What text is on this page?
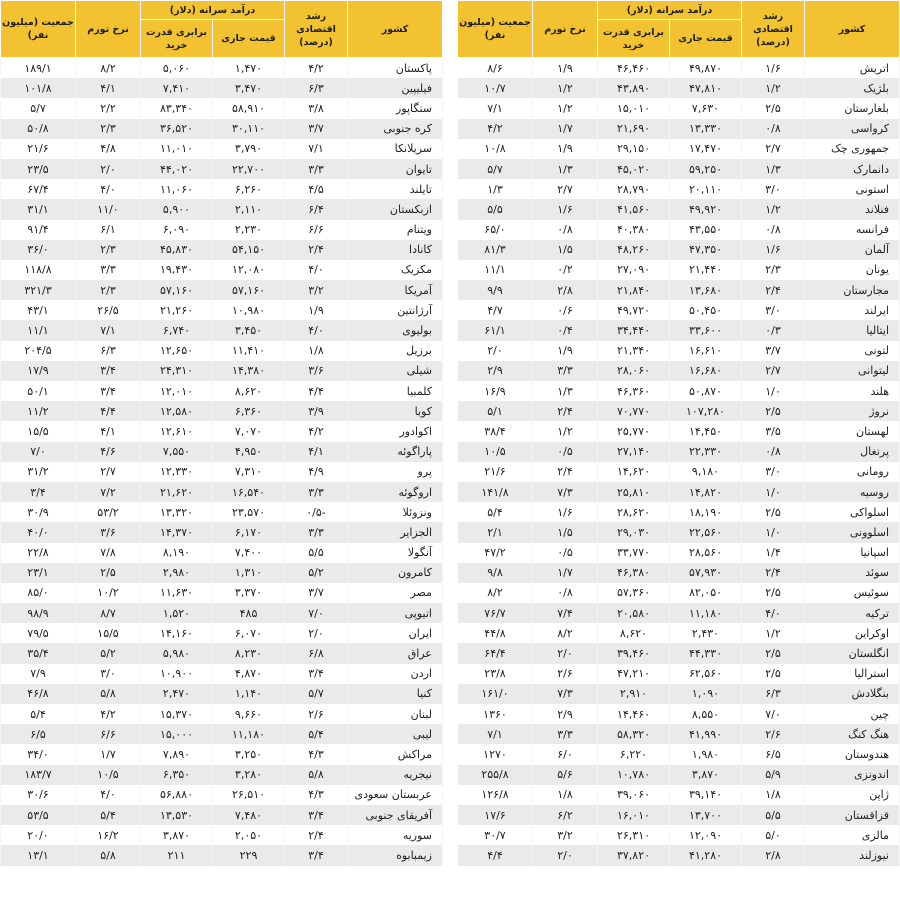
کشور	رشد اقتصادی (درصد)	درآمد سرانه (دلار)		نرخ تورم	جمعیت (میلیون نفر)
		قیمت جاری	برابری قدرت خرید		
اتریش	۱/۶	۴۹,۸۷۰	۴۶,۴۶۰	۱/۹	۸/۶
بلژیک	۱/۲	۴۷,۸۱۰	۴۳,۸۹۰	۱/۲	۱۰/۷
بلغارستان	۲/۵	۷,۶۳۰	۱۵,۰۱۰	۱/۲	۷/۱
کرواسی	۰/۸	۱۳,۳۳۰	۲۱,۶۹۰	۱/۷	۴/۲
جمهوری چک	۲/۷	۱۷,۴۷۰	۲۹,۱۵۰	۱/۹	۱۰/۸
دانمارک	۱/۳	۵۹,۲۵۰	۴۵,۰۲۰	۱/۳	۵/۷
استونی	۳/۰	۲۰,۱۱۰	۲۸,۷۹۰	۲/۷	۱/۳
فنلاند	۱/۲	۴۹,۹۲۰	۴۱,۵۶۰	۱/۶	۵/۵
فرانسه	۰/۸	۴۳,۵۵۰	۴۰,۳۸۰	۰/۸	۶۵/۰
آلمان	۱/۶	۴۷,۳۵۰	۴۸,۲۶۰	۱/۵	۸۱/۳
یونان	۲/۳	۲۱,۴۴۰	۲۷,۰۹۰	۰/۲	۱۱/۱
مجارستان	۲/۴	۱۳,۶۸۰	۲۱,۸۴۰	۲/۸	۹/۹
ایرلند	۳/۰	۵۰,۴۵۰	۴۹,۷۲۰	۰/۶	۴/۷
ایتالیا	۰/۳	۳۳,۶۰۰	۳۴,۴۴۰	۰/۴	۶۱/۱
لتونی	۳/۷	۱۶,۶۱۰	۲۱,۳۴۰	۱/۹	۲/۰
لیتوانی	۲/۷	۱۶,۶۸۰	۲۸,۰۶۰	۳/۳	۲/۹
هلند	۱/۰	۵۰,۸۷۰	۴۶,۳۶۰	۱/۳	۱۶/۹
نروژ	۲/۵	۱۰۷,۲۸۰	۷۰,۷۷۰	۲/۴	۵/۱
لهستان	۳/۵	۱۴,۴۵۰	۲۵,۷۷۰	۱/۲	۳۸/۴
پرتغال	۰/۸	۲۲,۳۳۰	۲۷,۱۴۰	۰/۵	۱۰/۵
رومانی	۳/۰	۹,۱۸۰	۱۴,۶۲۰	۲/۴	۲۱/۶
روسیه	۱/۰	۱۴,۸۲۰	۲۵,۸۱۰	۷/۳	۱۴۱/۸
اسلواکی	۲/۵	۱۸,۱۹۰	۲۸,۶۲۰	۱/۶	۵/۴
اسلوونی	۱/۰	۲۲,۵۶۰	۲۹,۰۳۰	۱/۵	۲/۱
اسپانیا	۱/۴	۲۸,۵۶۰	۳۳,۷۷۰	۰/۵	۴۷/۲
سوئد	۲/۴	۵۷,۹۳۰	۴۶,۳۸۰	۱/۷	۹/۸
سوئیس	۲/۵	۸۲,۰۵۰	۵۷,۳۶۰	۰/۸	۸/۲
ترکیه	۴/۰	۱۱,۱۸۰	۲۰,۵۸۰	۷/۴	۷۶/۷
اوکراین	۱/۲	۲,۴۳۰	۸,۶۲۰	۸/۲	۴۴/۸
انگلستان	۲/۵	۴۴,۳۳۰	۳۹,۴۶۰	۲/۰	۶۴/۴
استرالیا	۲/۵	۶۲,۵۶۰	۴۷,۲۱۰	۲/۶	۲۳/۸
بنگلادش	۶/۳	۱,۰۹۰	۲,۹۱۰	۷/۳	۱۶۱/۰
چین	۷/۰	۸,۵۵۰	۱۴,۴۶۰	۲/۹	۱۳۶۰
هنگ کنگ	۲/۶	۴۱,۹۹۰	۵۸,۳۲۰	۳/۳	۷/۱
هندوستان	۶/۵	۱,۹۸۰	۶,۲۲۰	۶/۰	۱۲۷۰
اندونزی	۵/۹	۳,۸۷۰	۱۰,۷۸۰	۵/۶	۲۵۵/۸
ژاپن	۱/۸	۳۹,۱۴۰	۳۹,۰۶۰	۱/۸	۱۲۶/۸
قزاقستان	۵/۵	۱۳,۷۰۰	۱۶,۰۱۰	۶/۲	۱۷/۶
مالزی	۵/۰	۱۲,۰۹۰	۲۶,۳۱۰	۳/۲	۳۰/۷
نیوزلند	۲/۸	۴۱,۲۸۰	۳۷,۸۲۰	۲/۰	۴/۴
کشور	رشد اقتصادی (درصد)	درآمد سرانه (دلار)		نرخ تورم	جمعیت (میلیون نفر)
		قیمت جاری	برابری قدرت خرید		
پاکستان	۴/۲	۱,۴۷۰	۵,۰۶۰	۸/۲	۱۸۹/۱
فیلیپین	۶/۳	۳,۴۷۰	۷,۴۱۰	۴/۱	۱۰۱/۸
سنگاپور	۳/۸	۵۸,۹۱۰	۸۳,۳۴۰	۲/۲	۵/۷
کره جنوبی	۳/۷	۳۰,۱۱۰	۳۶,۵۲۰	۲/۳	۵۰/۸
سریلانکا	۷/۱	۳,۷۹۰	۱۱,۰۱۰	۴/۸	۲۱/۶
تایوان	۳/۳	۲۲,۷۰۰	۴۴,۰۲۰	۲/۰	۲۳/۵
تایلند	۴/۵	۶,۲۶۰	۱۱,۰۶۰	۴/۰	۶۷/۴
ازبکستان	۶/۴	۲,۱۱۰	۵,۹۰۰	۱۱/۰	۳۱/۱
ویتنام	۶/۶	۲,۲۳۰	۶,۰۹۰	۶/۱	۹۱/۴
کانادا	۲/۴	۵۴,۱۵۰	۴۵,۸۳۰	۲/۳	۳۶/۰
مکزیک	۴/۰	۱۲,۰۸۰	۱۹,۴۳۰	۳/۳	۱۱۸/۸
آمریکا	۳/۲	۵۷,۱۶۰	۵۷,۱۶۰	۲/۳	۳۲۱/۳
آرژانتین	۱/۹	۱۰,۹۸۰	۲۱,۲۶۰	۲۶/۵	۴۳/۱
بولیوی	۴/۰	۳,۴۵۰	۶,۷۴۰	۷/۱	۱۱/۱
برزیل	۱/۸	۱۱,۴۱۰	۱۲,۶۵۰	۶/۳	۲۰۴/۵
شیلی	۳/۶	۱۴,۳۸۰	۲۴,۳۱۰	۳/۴	۱۷/۹
کلمبیا	۴/۴	۸,۶۲۰	۱۲,۰۱۰	۳/۴	۵۰/۱
کوبا	۳/۹	۶,۳۶۰	۱۲,۵۸۰	۴/۴	۱۱/۲
اکوادور	۴/۲	۷,۰۷۰	۱۲,۶۱۰	۴/۱	۱۵/۵
پاراگوئه	۴/۱	۴,۹۵۰	۷,۵۵۰	۴/۶	۷/۰
پرو	۴/۹	۷,۳۱۰	۱۲,۳۳۰	۲/۷	۳۱/۲
اروگوئه	۳/۳	۱۶,۵۴۰	۲۱,۶۲۰	۷/۲	۳/۴
ونزوئلا	-۰/۵	۲۳,۵۷۰	۱۳,۳۲۰	۵۳/۲	۳۰/۹
الجزایر	۳/۳	۶,۱۷۰	۱۴,۳۷۰	۳/۶	۴۰/۰
آنگولا	۵/۵	۷,۴۰۰	۸,۱۹۰	۷/۸	۲۲/۸
کامرون	۵/۲	۱,۳۱۰	۲,۹۸۰	۲/۵	۲۳/۱
مصر	۳/۷	۳,۳۷۰	۱۱,۶۳۰	۱۰/۲	۸۵/۰
اتیوپی	۷/۰	۴۸۵	۱,۵۲۰	۸/۷	۹۸/۹
ایران	۲/۰	۶,۰۷۰	۱۴,۱۶۰	۱۵/۵	۷۹/۵
عراق	۶/۸	۸,۲۳۰	۵,۹۸۰	۵/۲	۳۵/۴
اردن	۳/۴	۴,۸۷۰	۱۰,۹۰۰	۳/۰	۷/۹
کنیا	۵/۷	۱,۱۴۰	۲,۴۷۰	۵/۸	۴۶/۸
لبنان	۲/۶	۹,۶۶۰	۱۵,۳۷۰	۴/۲	۵/۴
لیبی	۵/۴	۱۱,۱۸۰	۱۵,۰۰۰	۶/۶	۶/۵
مراکش	۴/۳	۳,۲۵۰	۷,۸۹۰	۱/۷	۳۴/۰
نیجریه	۵/۸	۳,۲۸۰	۶,۳۵۰	۱۰/۵	۱۸۳/۷
عربستان سعودی	۴/۳	۲۶,۵۱۰	۵۶,۸۸۰	۴/۰	۳۰/۶
آفریقای جنوبی	۳/۴	۷,۴۸۰	۱۳,۵۳۰	۵/۴	۵۳/۵
سوریه	۲/۴	۲,۰۵۰	۳,۸۷۰	۱۶/۲	۲۰/۰
زیمبابوه	۳/۴	۲۲۹	۲۱۱	۵/۸	۱۳/۱
